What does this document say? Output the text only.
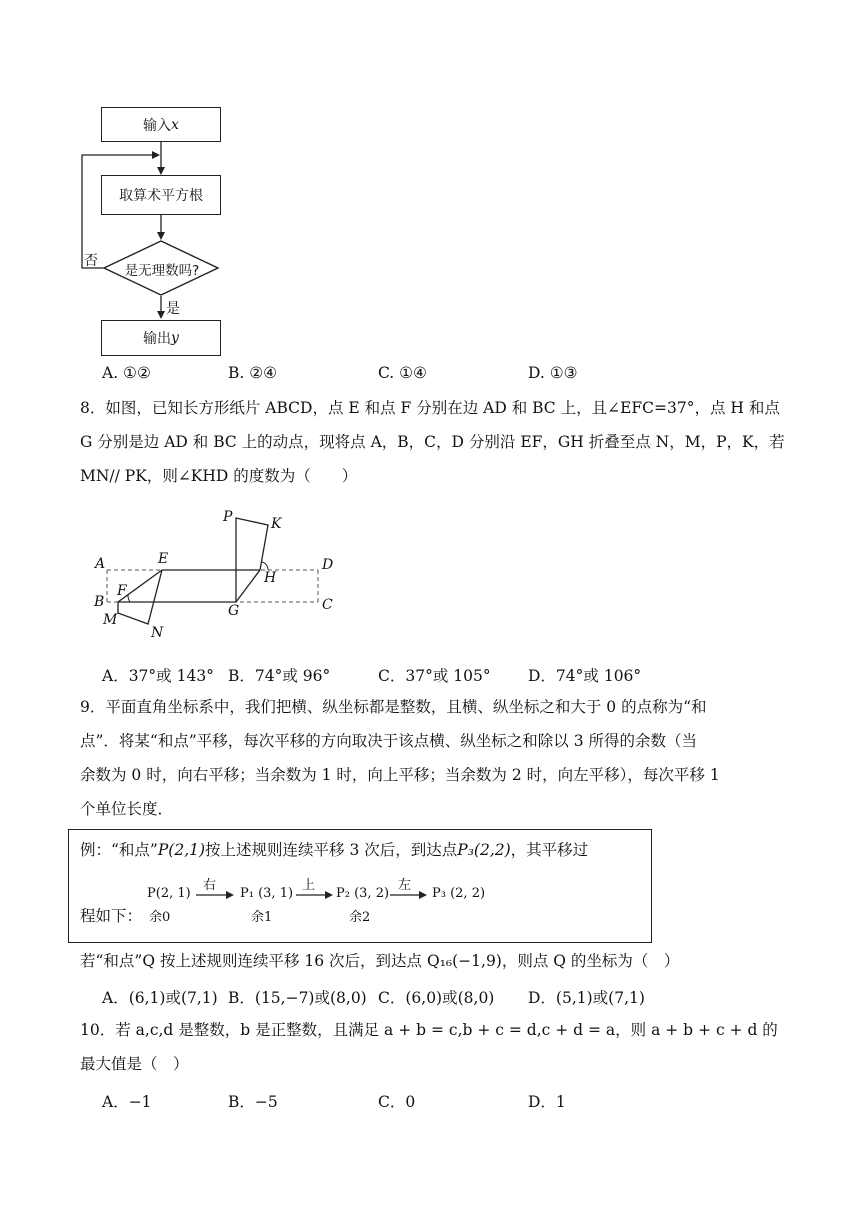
输入 x
取算术平方根
是无理数吗?
否
是
输出 y
A. ①②	B. ②④	C. ①④	D. ①③
8．如图，已知长方形纸片 ABCD，点 E 和点 F 分别在边 AD 和 BC 上，且∠EFC=37°，点 H 和点
G 分别是边 AD 和 BC 上的动点，现将点 A，B，C，D 分别沿 EF，GH 折叠至点 N，M，P，K，若
MN// PK，则∠KHD 的度数为（　　）
P	K
A	E	D
F
H
B
G	C
M
N
A．37°或 143° B．74°或 96°	C．37°或 105° D．74°或 106°
9．平面直角坐标系中，我们把横、纵坐标都是整数，且横、纵坐标之和大于 0 的点称为“和
点”．将某“和点”平移，每次平移的方向取决于该点横、纵坐标之和除以 3 所得的余数（当
余数为 0 时，向右平移；当余数为 1 时，向上平移；当余数为 2 时，向左平移），每次平移 1
个单位长度．
例：“和点”P(2,1)按上述规则连续平移 3 次后，到达点P₃(2,2)，其平移过
程如下：
P(2, 1)
右
余0
P₁ (3, 1)
上
余1
P₂ (3, 2)
左
余2
P₃ (2, 2)
若“和点”Q 按上述规则连续平移 16 次后，到达点 Q₁₆(−1,9)，则点 Q 的坐标为（　）
A．(6,1)或(7,1) B．(15,−7)或(8,0) C．(6,0)或(8,0) D．(5,1)或(7,1)
10．若 a,c,d 是整数，b 是正整数，且满足 a + b = c,b + c = d,c + d = a，则 a + b + c + d 的
最大值是（　）
A．−1	B．−5	C．0	D．1
